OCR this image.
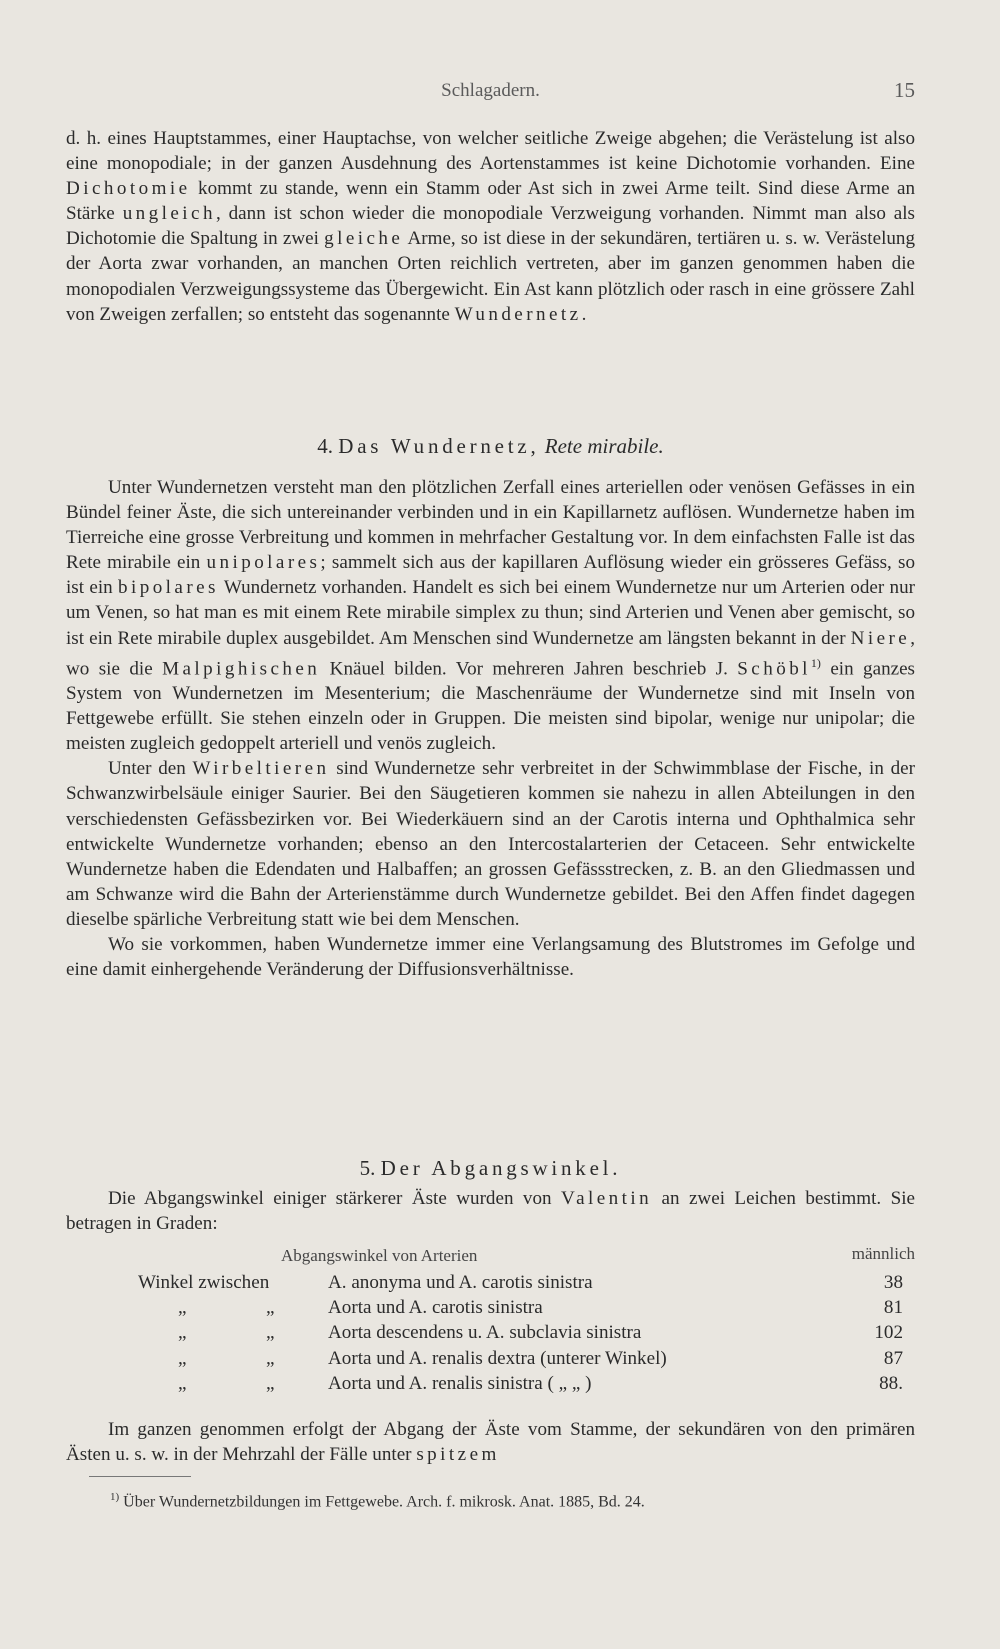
Schlagadern.	15

d. h. eines Hauptstammes, einer Hauptachse, von welcher seitliche Zweige abgehen; die Verästelung ist also eine monopodiale; in der ganzen Ausdehnung des Aortenstammes ist keine Dichotomie vorhanden. Eine Dichotomie kommt zu stande, wenn ein Stamm oder Ast sich in zwei Arme teilt. Sind diese Arme an Stärke ungleich, dann ist schon wieder die monopodiale Verzweigung vorhanden. Nimmt man also als Dichotomie die Spaltung in zwei gleiche Arme, so ist diese in der sekundären, tertiären u. s. w. Verästelung der Aorta zwar vorhanden, an manchen Orten reichlich vertreten, aber im ganzen genommen haben die monopodialen Verzweigungssysteme das Übergewicht. Ein Ast kann plötzlich oder rasch in eine grössere Zahl von Zweigen zerfallen; so entsteht das sogenannte Wundernetz.

4. Das Wundernetz, Rete mirabile.

Unter Wundernetzen versteht man den plötzlichen Zerfall eines arteriellen oder venösen Gefässes in ein Bündel feiner Äste, die sich untereinander verbinden und in ein Kapillarnetz auflösen. Wundernetze haben im Tierreiche eine grosse Verbreitung und kommen in mehrfacher Gestaltung vor. In dem einfachsten Falle ist das Rete mirabile ein unipolares; sammelt sich aus der kapillaren Auflösung wieder ein grösseres Gefäss, so ist ein bipolares Wundernetz vorhanden. Handelt es sich bei einem Wundernetze nur um Arterien oder nur um Venen, so hat man es mit einem Rete mirabile simplex zu thun; sind Arterien und Venen aber gemischt, so ist ein Rete mirabile duplex ausgebildet. Am Menschen sind Wundernetze am längsten bekannt in der Niere, wo sie die Malpighischen Knäuel bilden. Vor mehreren Jahren beschrieb J. Schöbl$^{1)}$ ein ganzes System von Wundernetzen im Mesenterium; die Maschenräume der Wundernetze sind mit Inseln von Fettgewebe erfüllt. Sie stehen einzeln oder in Gruppen. Die meisten sind bipolar, wenige nur unipolar; die meisten zugleich gedoppelt arteriell und venös zugleich.

Unter den Wirbeltieren sind Wundernetze sehr verbreitet in der Schwimmblase der Fische, in der Schwanzwirbelsäule einiger Saurier. Bei den Säugetieren kommen sie nahezu in allen Abteilungen in den verschiedensten Gefässbezirken vor. Bei Wiederkäuern sind an der Carotis interna und Ophthalmica sehr entwickelte Wundernetze vorhanden; ebenso an den Intercostalarterien der Cetaceen. Sehr entwickelte Wundernetze haben die Edendaten und Halbaffen; an grossen Gefässstrecken, z. B. an den Gliedmassen und am Schwanze wird die Bahn der Arterienstämme durch Wundernetze gebildet. Bei den Affen findet dagegen dieselbe spärliche Verbreitung statt wie bei dem Menschen.

Wo sie vorkommen, haben Wundernetze immer eine Verlangsamung des Blutstromes im Gefolge und eine damit einhergehende Veränderung der Diffusionsverhältnisse.

5. Der Abgangswinkel.

Die Abgangswinkel einiger stärkerer Äste wurden von Valentin an zwei Leichen bestimmt. Sie betragen in Graden:

Abgangswinkel von Arterien	männlich
Winkel zwischen	A. anonyma und A. carotis sinistra	38
„	„	Aorta und A. carotis sinistra	81
„	„	Aorta descendens u. A. subclavia sinistra	102
„	„	Aorta und A. renalis dextra (unterer Winkel)	87
„	„	Aorta und A. renalis sinistra ( „ „ )	88.

Im ganzen genommen erfolgt der Abgang der Äste vom Stamme, der sekundären von den primären Ästen u. s. w. in der Mehrzahl der Fälle unter spitzem

$^{1)}$ Über Wundernetzbildungen im Fettgewebe. Arch. f. mikrosk. Anat. 1885, Bd. 24.
